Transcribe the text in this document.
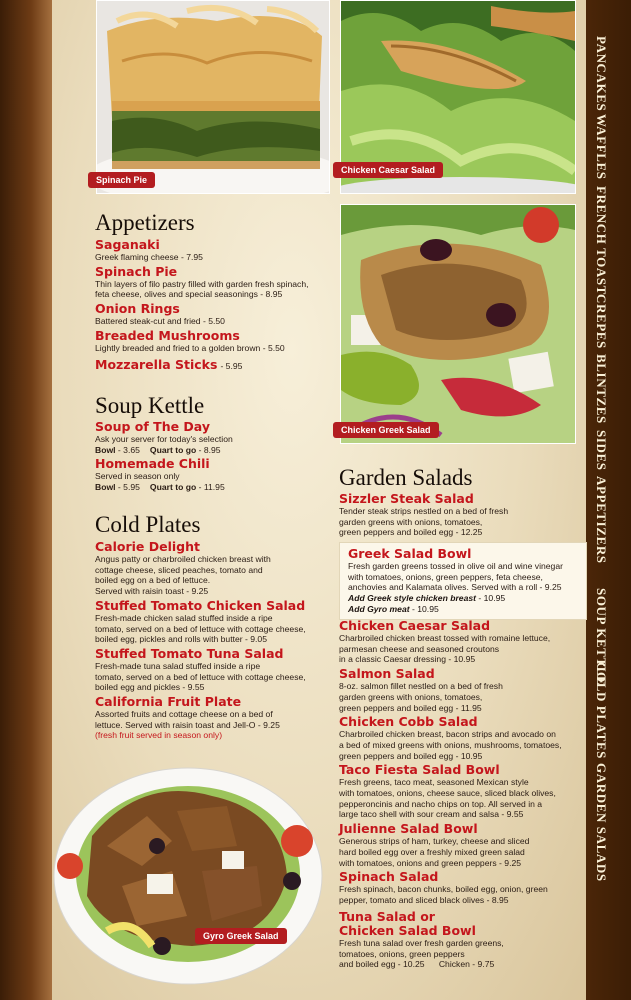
PANCAKES
WAFFLES
FRENCH TOAST
CREPES
BLINTZES
SIDES
APPETIZERS
SOUP KETTLE
COLD PLATES
GARDEN SALADS
Spinach Pie
Chicken Caesar Salad
Chicken Greek Salad
Gyro Greek Salad
Appetizers
Saganaki
Greek flaming cheese - 7.95
Spinach Pie
Thin layers of filo pastry filled with garden fresh spinach,
feta cheese, olives and special seasonings - 8.95
Onion Rings
Battered steak-cut and fried - 5.50
Breaded Mushrooms
Lightly breaded and fried to a golden brown - 5.50
Mozzarella Sticks - 5.95
Soup Kettle
Soup of The Day
Ask your server for today's selection
Bowl - 3.65 Quart to go - 8.95
Homemade Chili
Served in season only
Bowl - 5.95 Quart to go - 11.95
Cold Plates
Calorie Delight
Angus patty or charbroiled chicken breast with
cottage cheese, sliced peaches, tomato and
boiled egg on a bed of lettuce.
Served with raisin toast - 9.25
Stuffed Tomato Chicken Salad
Fresh-made chicken salad stuffed inside a ripe
tomato, served on a bed of lettuce with cottage cheese,
boiled egg, pickles and rolls with butter - 9.05
Stuffed Tomato Tuna Salad
Fresh-made tuna salad stuffed inside a ripe
tomato, served on a bed of lettuce with cottage cheese,
boiled egg and pickles - 9.55
California Fruit Plate
Assorted fruits and cottage cheese on a bed of
lettuce. Served with raisin toast and Jell-O - 9.25
(fresh fruit served in season only)
Garden Salads
Sizzler Steak Salad
Tender steak strips nestled on a bed of fresh
garden greens with onions, tomatoes,
green peppers and boiled egg - 12.25
Greek Salad Bowl
Fresh garden greens tossed in olive oil and wine vinegar
with tomatoes, onions, green peppers, feta cheese,
anchovies and Kalamata olives. Served with a roll - 9.25
Add Greek style chicken breast - 10.95
Add Gyro meat - 10.95
Chicken Caesar Salad
Charbroiled chicken breast tossed with romaine lettuce,
parmesan cheese and seasoned croutons
in a classic Caesar dressing - 10.95
Salmon Salad
8-oz. salmon fillet nestled on a bed of fresh
garden greens with onions, tomatoes,
green peppers and boiled egg - 11.95
Chicken Cobb Salad
Charbroiled chicken breast, bacon strips and avocado on
a bed of mixed greens with onions, mushrooms, tomatoes,
green peppers and boiled egg - 10.95
Taco Fiesta Salad Bowl
Fresh greens, taco meat, seasoned Mexican style
with tomatoes, onions, cheese sauce, sliced black olives,
pepperoncinis and nacho chips on top. All served in a
large taco shell with sour cream and salsa - 9.55
Julienne Salad Bowl
Generous strips of ham, turkey, cheese and sliced
hard boiled egg over a freshly mixed green salad
with tomatoes, onions and green peppers - 9.25
Spinach Salad
Fresh spinach, bacon chunks, boiled egg, onion, green
pepper, tomato and sliced black olives - 8.95
Tuna Salad or
Chicken Salad Bowl
Fresh tuna salad over fresh garden greens,
tomatoes, onions, green peppers
and boiled egg - 10.25      Chicken - 9.75
